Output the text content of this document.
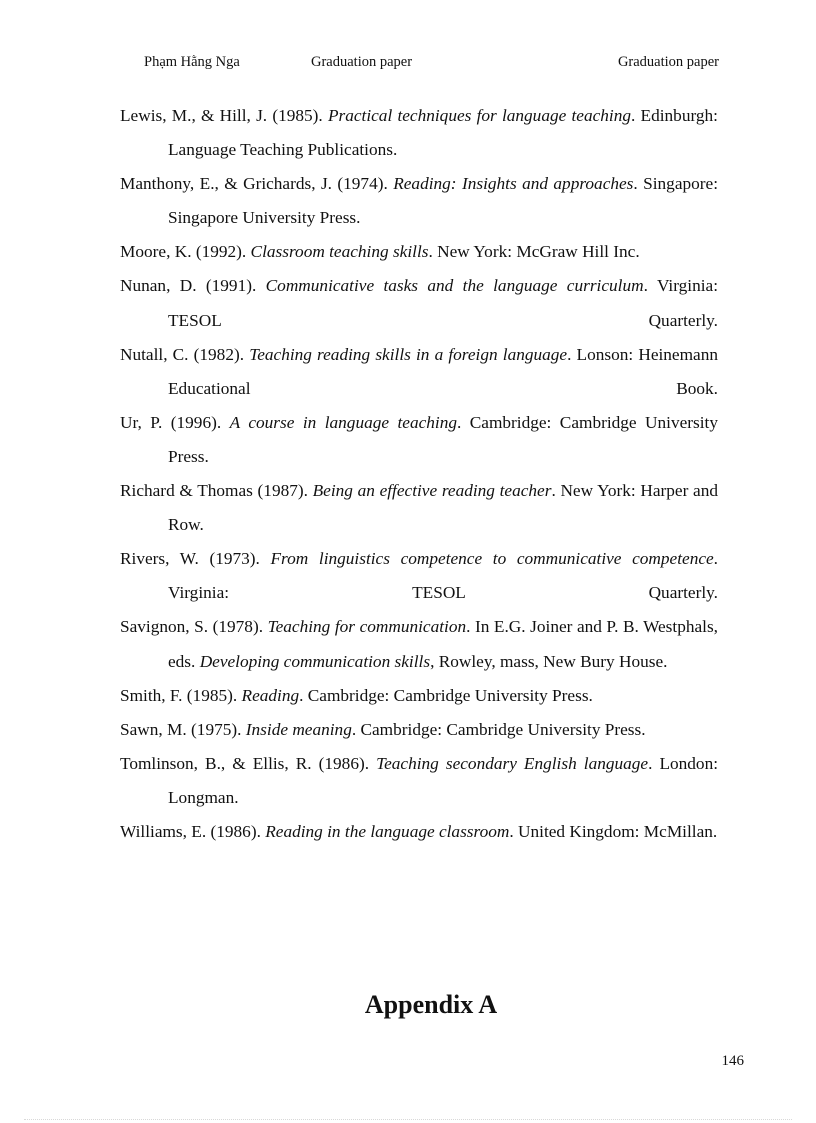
Phạm Hằng Nga	Graduation paper	Graduation paper

Lewis, M., & Hill, J. (1985). Practical techniques for language teaching. Edinburgh: Language Teaching Publications.

Manthony, E., & Grichards, J. (1974). Reading: Insights and approaches. Singapore: Singapore University Press.

Moore, K. (1992). Classroom teaching skills. New York: McGraw Hill Inc.

Nunan, D. (1991). Communicative tasks and the language curriculum. Virginia: TESOL Quarterly.

Nutall, C. (1982). Teaching reading skills in a foreign language. Lonson: Heinemann Educational Book.

Ur, P. (1996). A course in language teaching. Cambridge: Cambridge University Press.

Richard & Thomas (1987). Being an effective reading teacher. New York: Harper and Row.

Rivers, W. (1973). From linguistics competence to communicative competence. Virginia: TESOL Quarterly.

Savignon, S. (1978). Teaching for communication. In E.G. Joiner and P. B. Westphals, eds. Developing communication skills, Rowley, mass, New Bury House.

Smith, F. (1985). Reading. Cambridge: Cambridge University Press.

Sawn, M. (1975). Inside meaning. Cambridge: Cambridge University Press.

Tomlinson, B., & Ellis, R. (1986). Teaching secondary English language. London: Longman.

Williams, E. (1986). Reading in the language classroom. United Kingdom: McMillan.

Appendix A
146
